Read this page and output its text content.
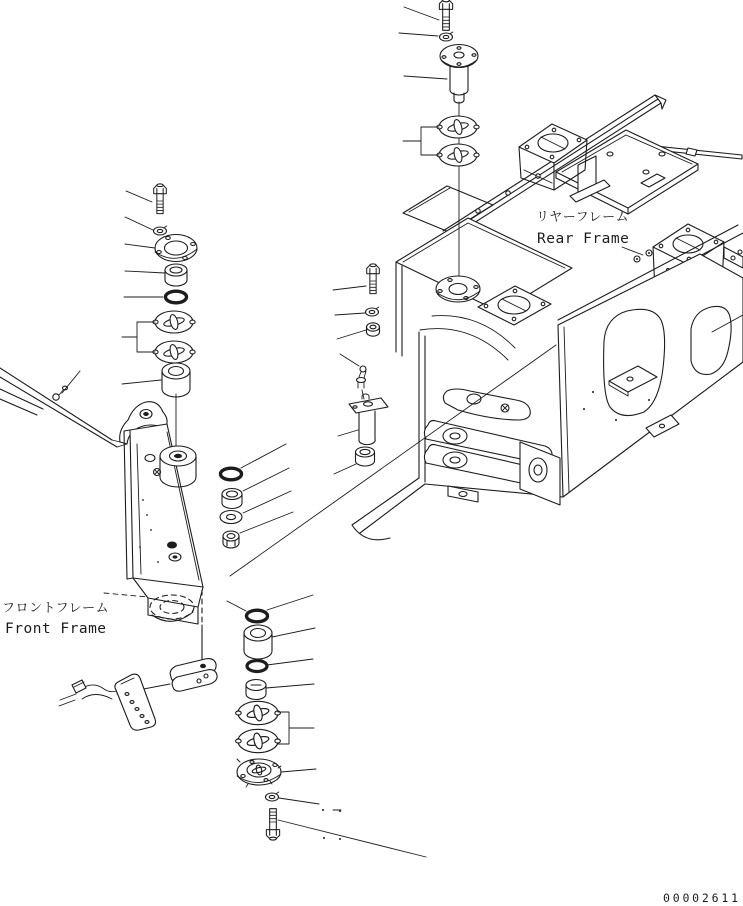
リヤーフレーム
Rear Frame
フロントフレーム
Front Frame
00002611
